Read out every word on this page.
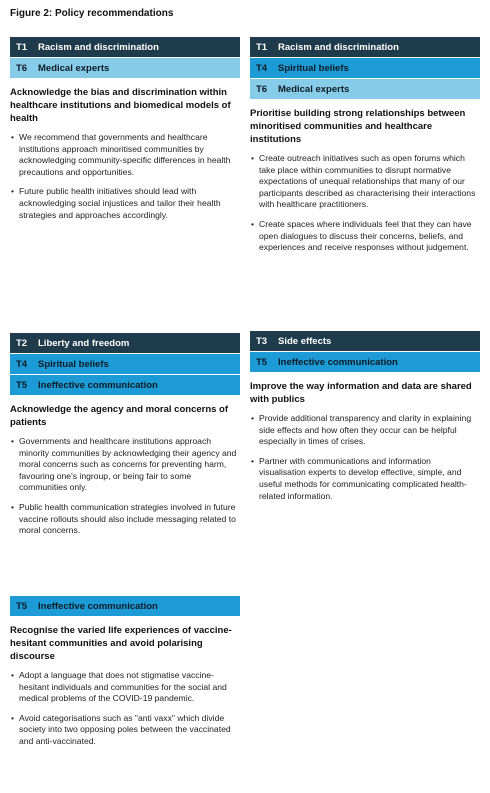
Figure 2: Policy recommendations
T1	Racism and discrimination
T6	Medical experts
Acknowledge the bias and discrimination within healthcare institutions and biomedical models of health
• We recommend that governments and healthcare institutions approach minoritised communities by acknowledging community-specific differences in health precautions and opportunities.
• Future public health initiatives should lead with acknowledging social injustices and tailor their health strategies and approaches accordingly.
T1	Racism and discrimination
T4	Spiritual beliefs
T6	Medical experts
Prioritise building strong relationships between minoritised communities and healthcare institutions
• Create outreach initiatives such as open forums which take place within communities to disrupt normative expectations of unequal relationships that many of our participants described as characterising their interactions with healthcare practitioners.
• Create spaces where individuals feel that they can have open dialogues to discuss their concerns, beliefs, and experiences and receive responses without judgement.
T2	Liberty and freedom
T4	Spiritual beliefs
T5	Ineffective communication
Acknowledge the agency and moral concerns of patients
• Governments and healthcare institutions approach minority communities by acknowledging their agency and moral concerns such as concerns for preventing harm, favouring one's ingroup, or being fair to some communities only.
• Public health communication strategies involved in future vaccine rollouts should also include messaging related to moral concerns.
T3	Side effects
T5	Ineffective communication
Improve the way information and data are shared with publics
• Provide additional transparency and clarity in explaining side effects and how often they occur can be helpful especially in times of crises.
• Partner with communications and information visualisation experts to develop effective, simple, and useful methods for communicating complicated health-related information.
T5	Ineffective communication
Recognise the varied life experiences of vaccine-hesitant communities and avoid polarising discourse
• Adopt a language that does not stigmatise vaccine-hesitant individuals and communities for the social and medical problems of the COVID-19 pandemic.
• Avoid categorisations such as "anti vaxx" which divide society into two opposing poles between the vaccinated and anti-vaccinated.
